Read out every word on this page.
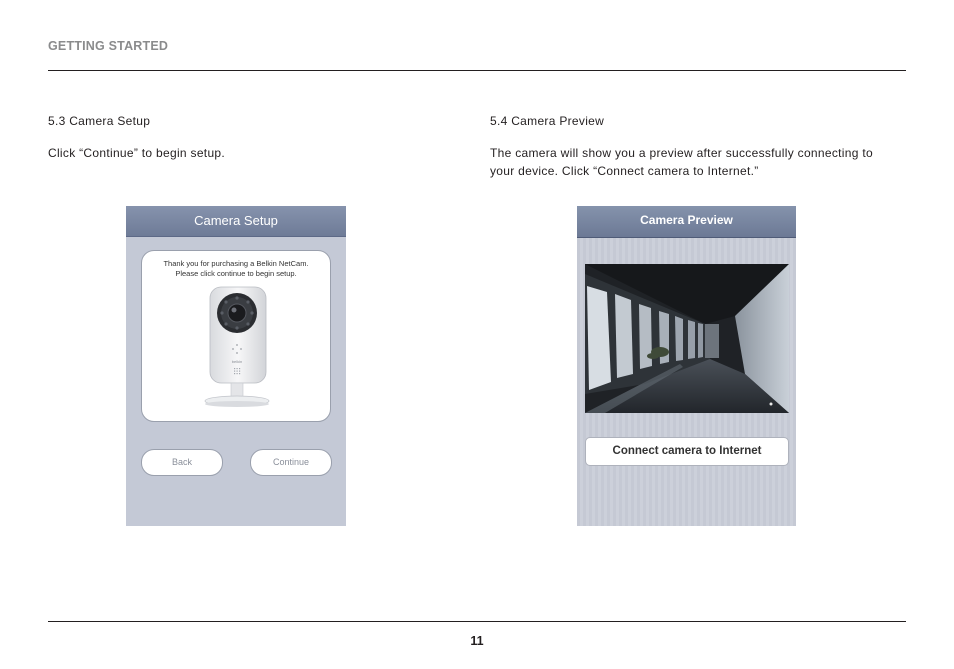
GETTING STARTED
5.3 Camera Setup
Click “Continue” to begin setup.
Camera Setup
Thank you for purchasing a Belkin NetCam.
Please click continue to begin setup.
belkin
Back	Continue
5.4 Camera Preview
The camera will show you a preview after successfully connecting to
your device. Click “Connect camera to Internet.”
Camera Preview
Connect camera to Internet
11
